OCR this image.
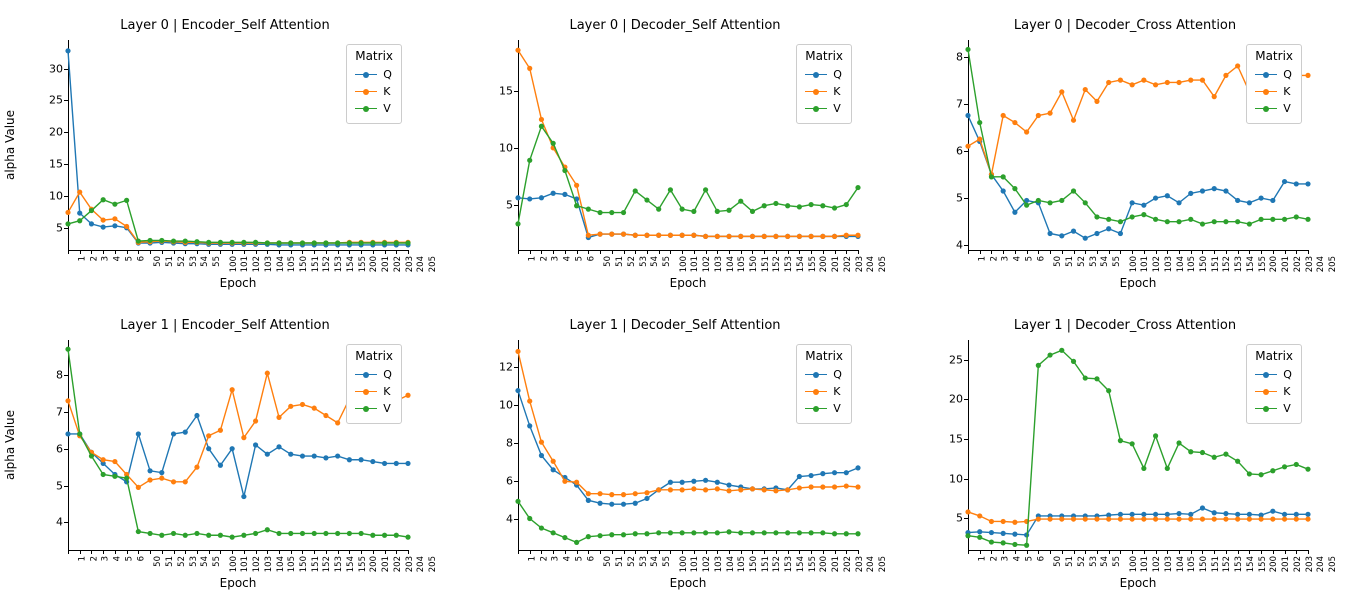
Layer 0 | Encoder_Self Attention
alpha Value
Epoch
5
10
15
20
25
30
1 2 3 4 5 6 50 51 52 53 54 55 100 101 102 103 104 105 150 151 152 153 154 155 200 201 202 203 204 205
Matrix
Q
K
V
Layer 0 | Decoder_Self Attention
Epoch
5
10
15
1 2 3 4 5 6 50 51 52 53 54 55 100 101 102 103 104 105 150 151 152 153 154 155 200 201 202 203 204 205
Matrix
Q
K
V
Layer 0 | Decoder_Cross Attention
Epoch
4
5
6
7
8
1 2 3 4 5 6 50 51 52 53 54 55 100 101 102 103 104 105 150 151 152 153 154 155 200 201 202 203 204 205
Matrix
Q
K
V
Layer 1 | Encoder_Self Attention
alpha Value
Epoch
4
5
6
7
8
1 2 3 4 5 6 50 51 52 53 54 55 100 101 102 103 104 105 150 151 152 153 154 155 200 201 202 203 204 205
Matrix
Q
K
V
Layer 1 | Decoder_Self Attention
Epoch
4
6
8
10
12
1 2 3 4 5 6 50 51 52 53 54 55 100 101 102 103 104 105 150 151 152 153 154 155 200 201 202 203 204 205
Matrix
Q
K
V
Layer 1 | Decoder_Cross Attention
Epoch
5
10
15
20
25
1 2 3 4 5 6 50 51 52 53 54 55 100 101 102 103 104 105 150 151 152 153 154 155 200 201 202 203 204 205
Matrix
Q
K
V
